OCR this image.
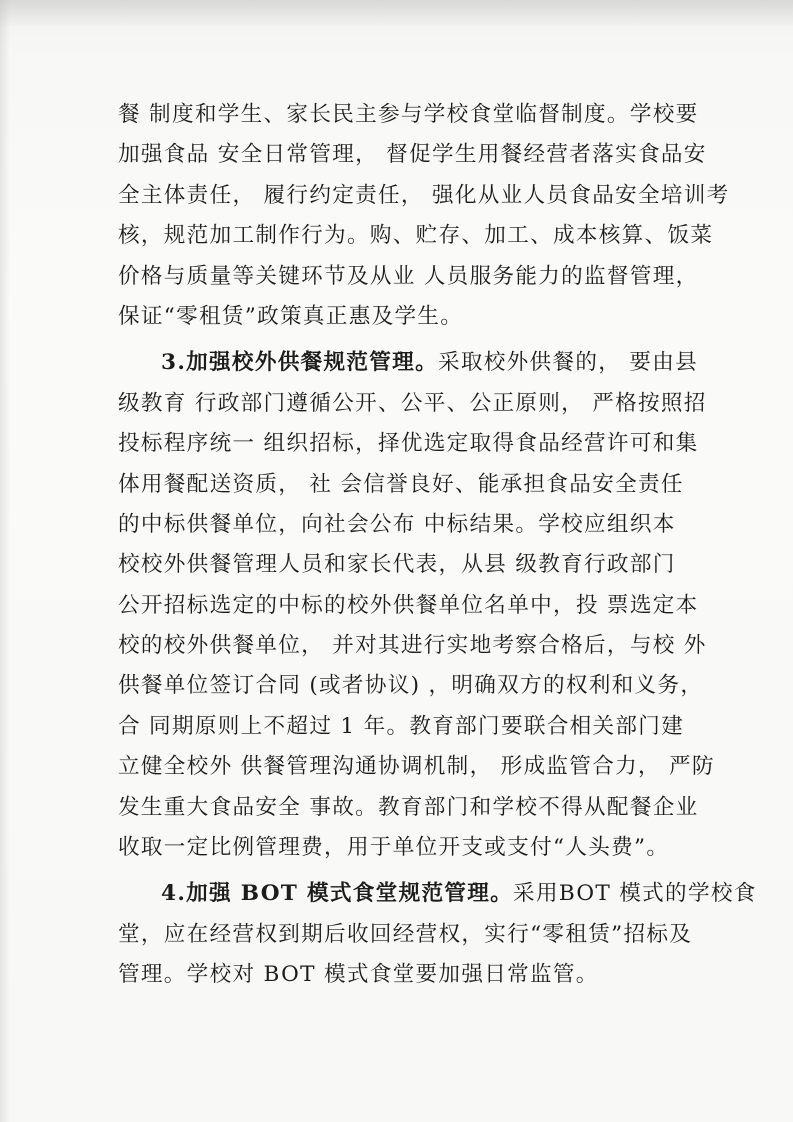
餐 制度和学生、家长民主参与学校食堂临督制度。学校要
加强食品 安全日常管理， 督促学生用餐经营者落实食品安
全主体责任， 履行约定责任， 强化从业人员食品安全培训考
核，规范加工制作行为。购、贮存、加工、成本核算、饭菜
价格与质量等关键环节及从业 人员服务能力的监督管理，
保证“零租赁”政策真正惠及学生。
3.加强校外供餐规范管理。采取校外供餐的， 要由县
级教育 行政部门遵循公开、公平、公正原则， 严格按照招
投标程序统一 组织招标，择优选定取得食品经营许可和集
体用餐配送资质， 社 会信誉良好、能承担食品安全责任
的中标供餐单位，向社会公布 中标结果。学校应组织本
校校外供餐管理人员和家长代表，从县 级教育行政部门
公开招标选定的中标的校外供餐单位名单中，投 票选定本
校的校外供餐单位， 并对其进行实地考察合格后，与校 外
供餐单位签订合同 (或者协议) ，明确双方的权利和义务，
合 同期原则上不超过 1 年。教育部门要联合相关部门建
立健全校外 供餐管理沟通协调机制， 形成监管合力， 严防
发生重大食品安全 事故。教育部门和学校不得从配餐企业
收取一定比例管理费，用于单位开支或支付“人头费”。
4.加强 BOT 模式食堂规范管理。采用BOT 模式的学校食
堂，应在经营权到期后收回经营权，实行“零租赁”招标及
管理。学校对 BOT 模式食堂要加强日常监管。
